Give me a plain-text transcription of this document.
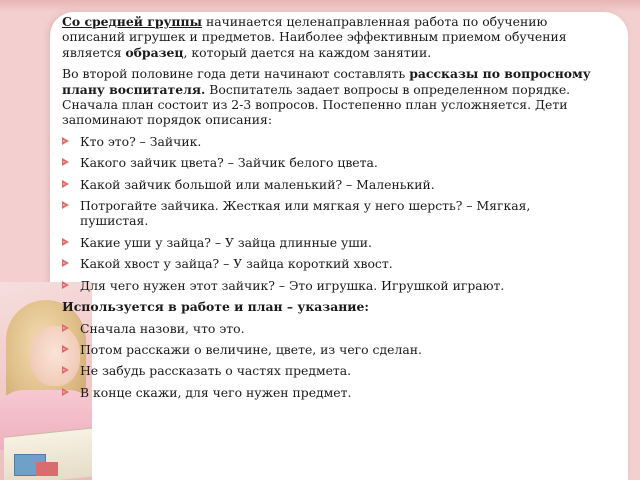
Со средней группы начинается целенаправленная работа по обучению описаний игрушек и предметов. Наиболее эффективным приемом обучения является образец, который дается на каждом занятии.

Во второй половине года дети начинают составлять рассказы по вопросному плану воспитателя. Воспитатель задает вопросы в определенном порядке. Сначала план состоит из 2-3 вопросов. Постепенно план усложняется. Дети запоминают порядок описания:

Кто это? – Зайчик.
Какого зайчик цвета? – Зайчик белого цвета.
Какой зайчик большой или маленький? – Маленький.
Потрогайте зайчика. Жесткая или мягкая у него шерсть? – Мягкая, пушистая.
Какие уши у зайца? – У зайца длинные уши.
Какой хвост у зайца? – У зайца короткий хвост.
Для чего нужен этот зайчик? – Это игрушка. Игрушкой играют.

Используется в работе и план – указание:

Сначала назови, что это.
Потом расскажи о величине, цвете, из чего сделан.
Не забудь рассказать о частях предмета.
В конце скажи, для чего нужен предмет.
